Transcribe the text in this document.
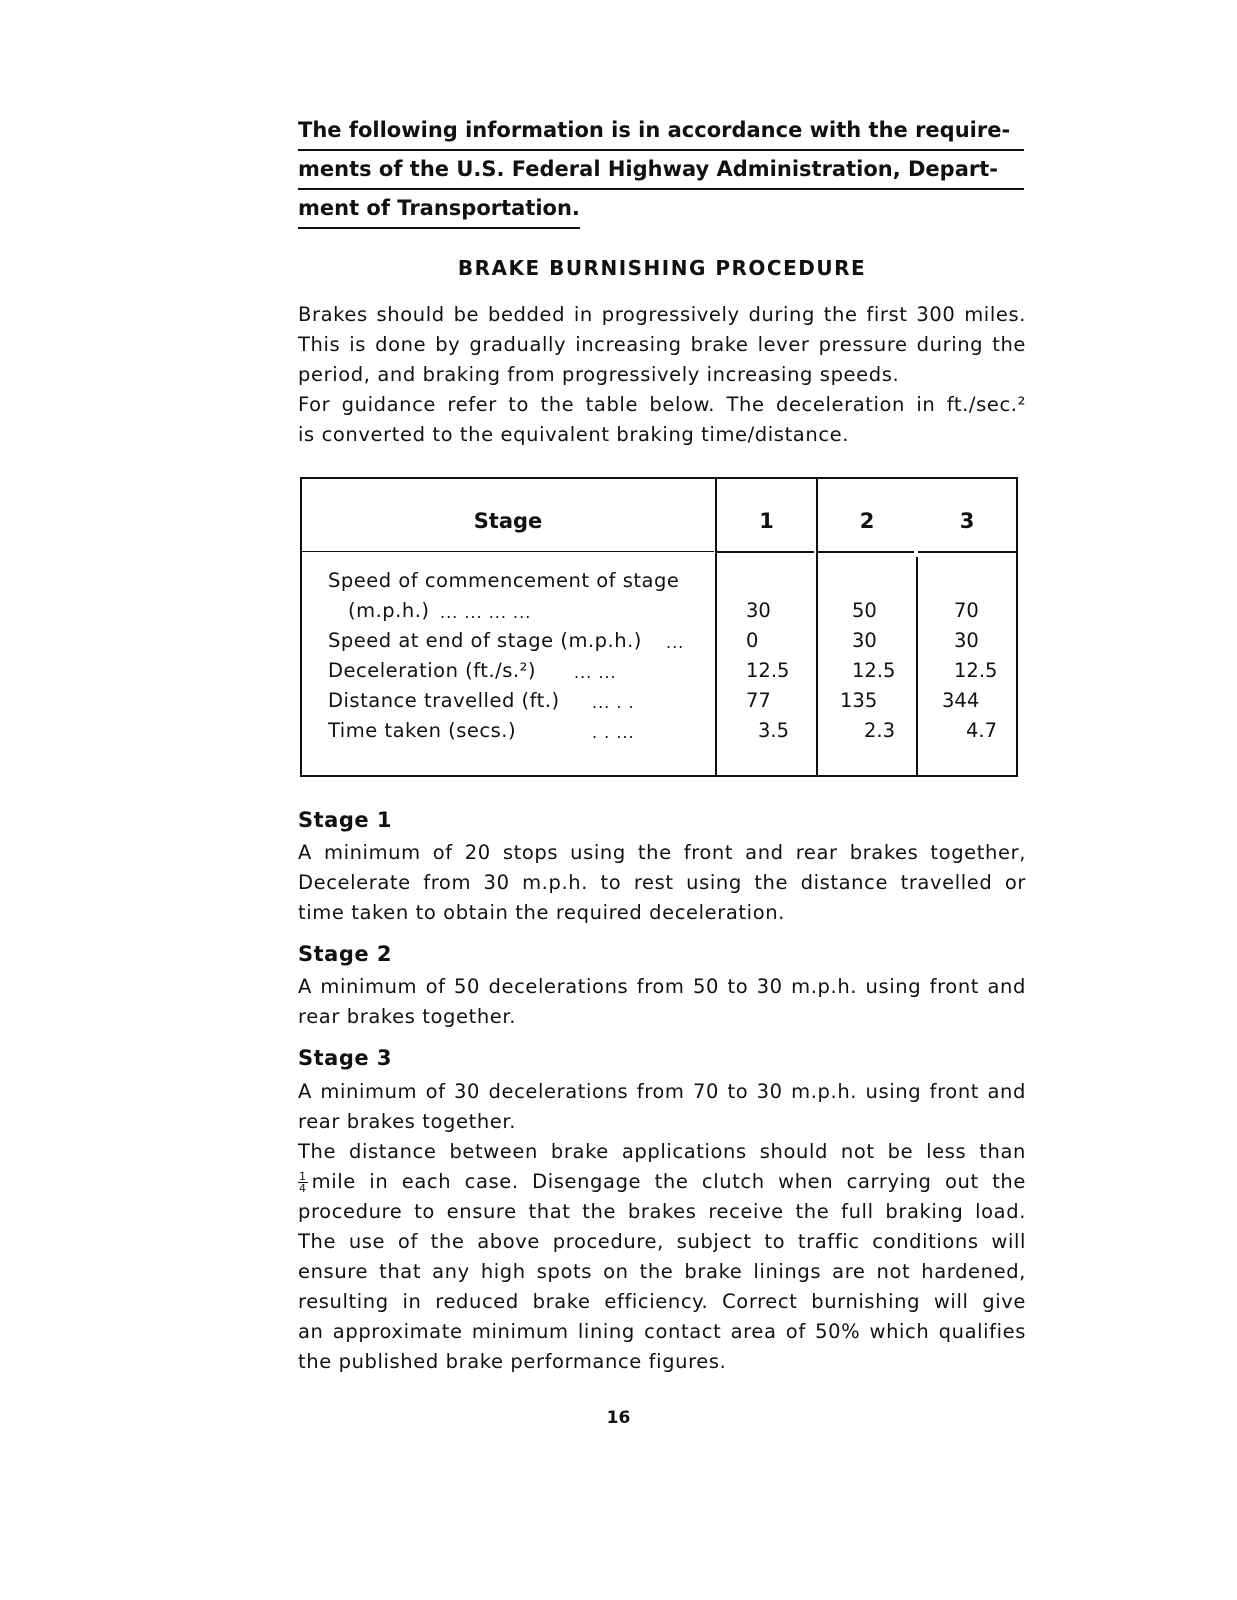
The following information is in accordance with the require-
ments of the U.S. Federal Highway Administration, Depart-
ment of Transportation.
BRAKE BURNISHING PROCEDURE
Brakes should be bedded in progressively during the first 300 miles.
This is done by gradually increasing brake lever pressure during the
period, and braking from progressively increasing speeds.
For guidance refer to the table below. The deceleration in ft./sec.²
is converted to the equivalent braking time/distance.
Stage	1	2	3
Speed of commencement of stage
(m.p.h.) ... ... ... ...	30	50	70
Speed at end of stage (m.p.h.) ...	0	30	30
Deceleration (ft./s.²) ... ...	12.5	12.5	12.5
Distance travelled (ft.) ... . .	77	135	344
Time taken (secs.)	. . ...	3.5	2.3	4.7
Stage 1
A minimum of 20 stops using the front and rear brakes together,
Decelerate from 30 m.p.h. to rest using the distance travelled or
time taken to obtain the required deceleration.
Stage 2
A minimum of 50 decelerations from 50 to 30 m.p.h. using front and
rear brakes together.
Stage 3
A minimum of 30 decelerations from 70 to 30 m.p.h. using front and
rear brakes together.
The distance between brake applications should not be less than
$\frac{1}{4}$ mile in each case. Disengage the clutch when carrying out the
procedure to ensure that the brakes receive the full braking load.
The use of the above procedure, subject to traffic conditions will
ensure that any high spots on the brake linings are not hardened,
resulting in reduced brake efficiency. Correct burnishing will give
an approximate minimum lining contact area of 50% which qualifies
the published brake performance figures.
16
